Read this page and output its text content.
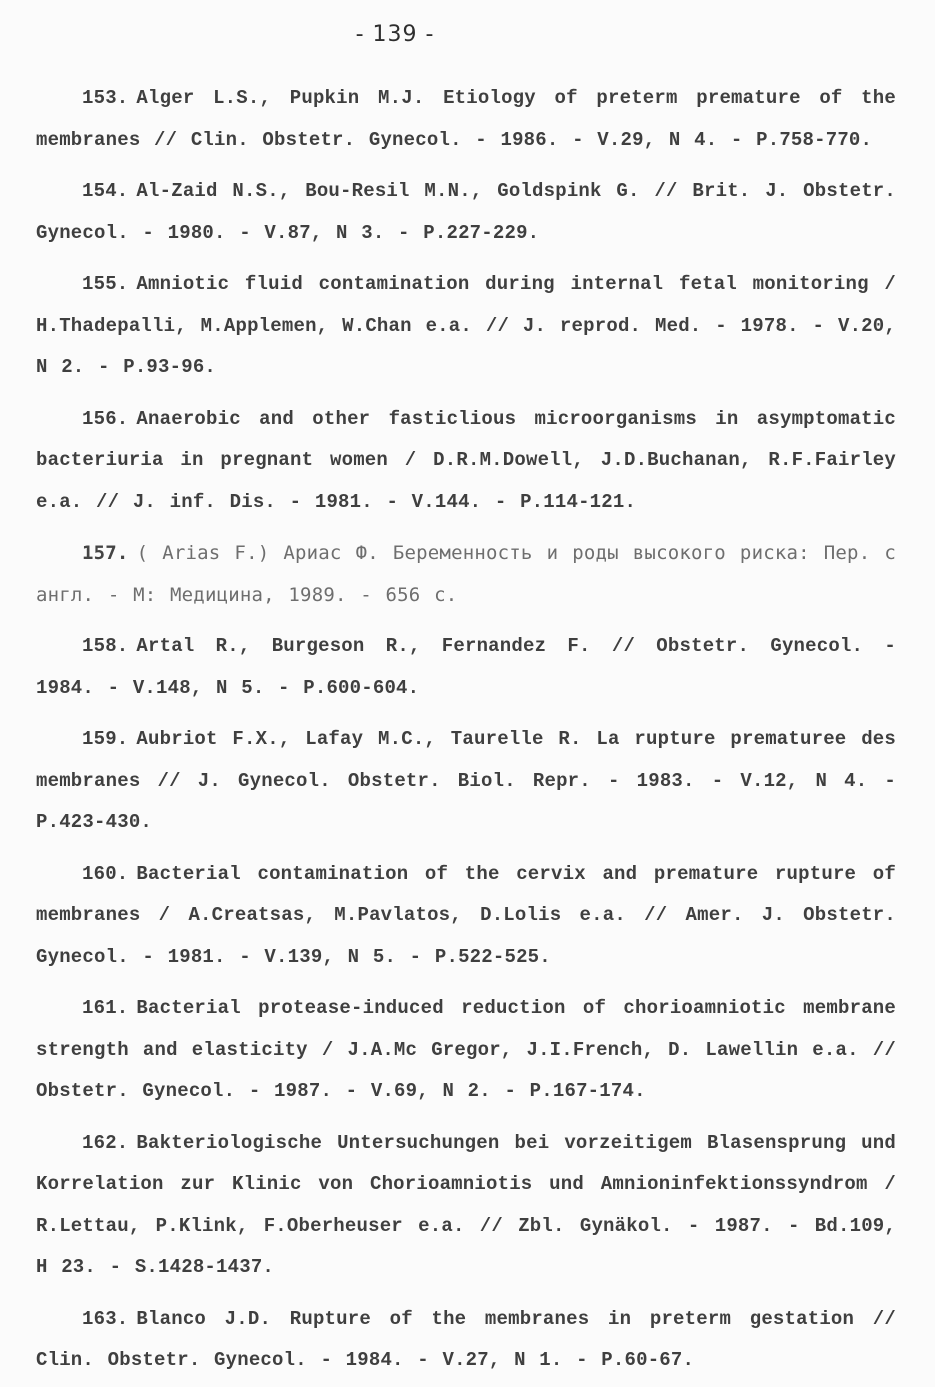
- 139 -

153. Alger L.S., Pupkin M.J. Etiology of preterm premature of the membranes // Clin. Obstetr. Gynecol. - 1986. - V.29, N 4. - P.758-770.

154. Al-Zaid N.S., Bou-Resil M.N., Goldspink G. // Brit. J. Obstetr. Gynecol. - 1980. - V.87, N 3. - P.227-229.

155. Amniotic fluid contamination during internal fetal monitoring / H.Thadepalli, M.Applemen, W.Chan e.a. // J. reprod. Med. - 1978. - V.20, N 2. - P.93-96.

156. Anaerobic and other fasticlious microorganisms in asymptomatic bacteriuria in pregnant women / D.R.M.Dowell, J.D.Buchanan, R.F.Fairley e.a. // J. inf. Dis. - 1981. - V.144. - P.114-121.

157. ( Arias F.) Ариас Ф. Беременность и роды высокого риска: Пер. с англ. - М: Медицина, 1989. - 656 с.

158. Artal R., Burgeson R., Fernandez F. // Obstetr. Gynecol. - 1984. - V.148, N 5. - P.600-604.

159. Aubriot F.X., Lafay M.C., Taurelle R. La rupture prematuree des membranes // J. Gynecol. Obstetr. Biol. Repr. - 1983. - V.12, N 4. - P.423-430.

160. Bacterial contamination of the cervix and premature rupture of membranes / A.Creatsas, M.Pavlatos, D.Lolis e.a. // Amer. J. Obstetr. Gynecol. - 1981. - V.139, N 5. - P.522-525.

161. Bacterial protease-induced reduction of chorioamniotic membrane strength and elasticity / J.A.Mc Gregor, J.I.French, D. Lawellin e.a. // Obstetr. Gynecol. - 1987. - V.69, N 2. - P.167-174.

162. Bakteriologische Untersuchungen bei vorzeitigem Blasensprung und Korrelation zur Klinic von Chorioamniotis und Amnioninfektionssyndrom / R.Lettau, P.Klink, F.Oberheuser e.a. // Zbl. Gynäkol. - 1987. - Bd.109, H 23. - S.1428-1437.

163. Blanco J.D. Rupture of the membranes in preterm gestation // Clin. Obstetr. Gynecol. - 1984. - V.27, N 1. - P.60-67.
